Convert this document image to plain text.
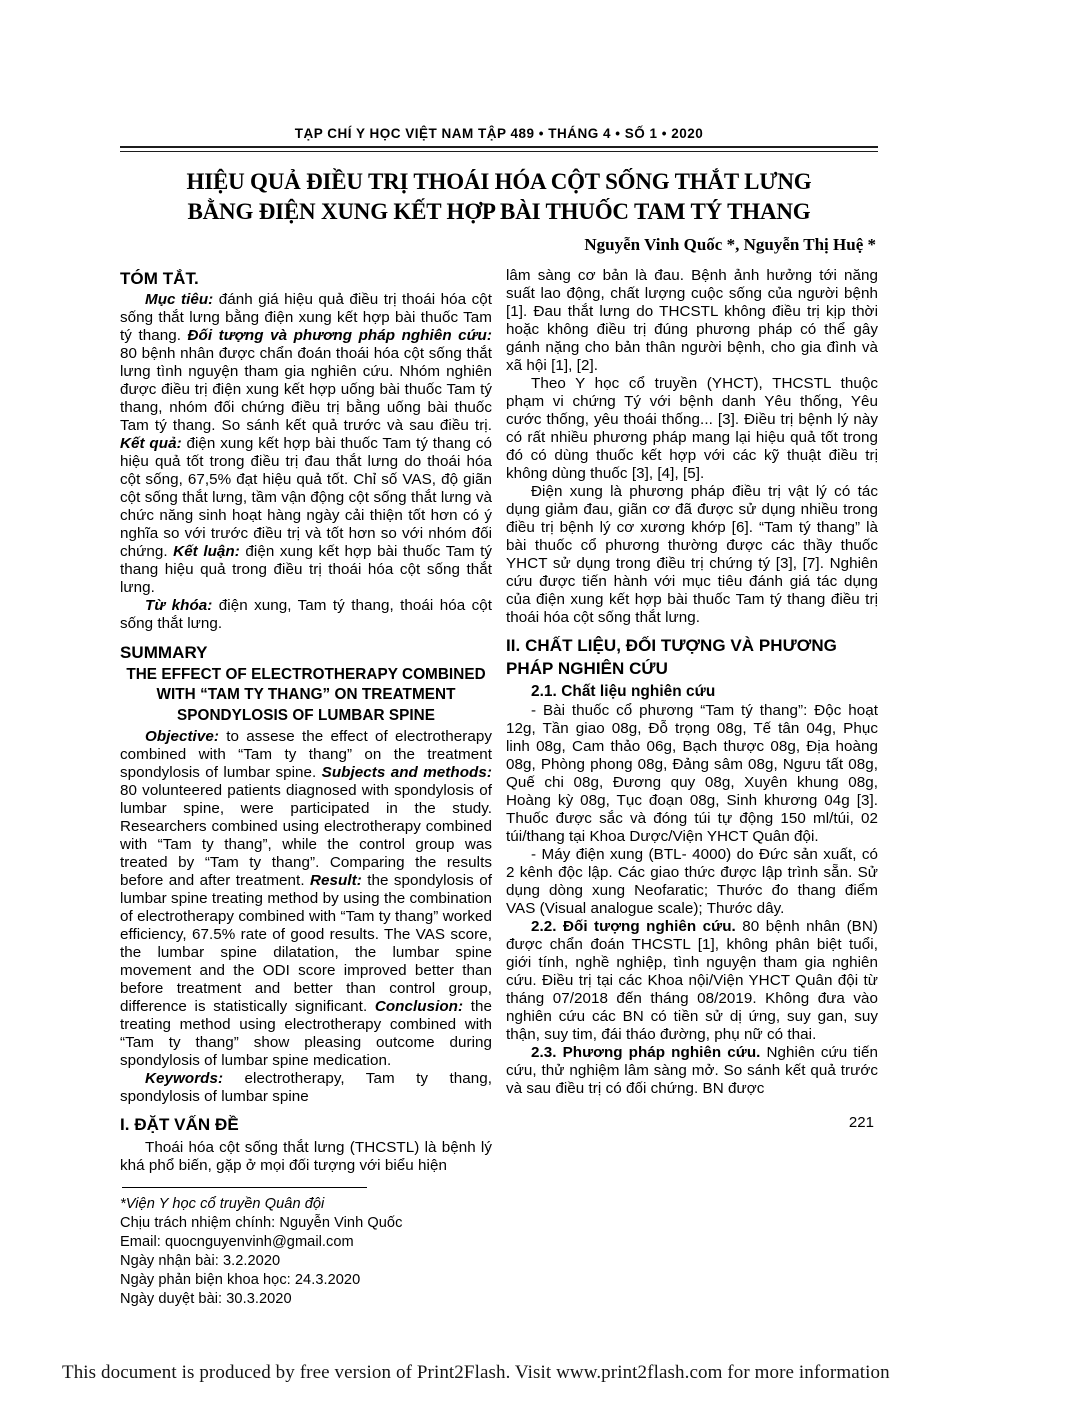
TẠP CHÍ Y HỌC VIỆT NAM TẬP 489 • THÁNG 4 • SỐ 1 • 2020
HIỆU QUẢ ĐIỀU TRỊ THOÁI HÓA CỘT SỐNG THẮT LƯNG
BẰNG ĐIỆN XUNG KẾT HỢP BÀI THUỐC TAM TÝ THANG
Nguyễn Vinh Quốc *, Nguyễn Thị Huệ *
TÓM TẮT.

Mục tiêu: đánh giá hiệu quả điều trị thoái hóa cột sống thắt lưng bằng điện xung kết hợp bài thuốc Tam tý thang. Đối tượng và phương pháp nghiên cứu: 80 bệnh nhân được chẩn đoán thoái hóa cột sống thắt lưng tình nguyện tham gia nghiên cứu. Nhóm nghiên được điều trị điện xung kết hợp uống bài thuốc Tam tý thang, nhóm đối chứng điều trị bằng uống bài thuốc Tam tý thang. So sánh kết quả trước và sau điều trị. Kết quả: điện xung kết hợp bài thuốc Tam tý thang có hiệu quả tốt trong điều trị đau thắt lưng do thoái hóa cột sống, 67,5% đạt hiệu quả tốt. Chỉ số VAS, độ giãn cột sống thắt lưng, tầm vận động cột sống thắt lưng và chức năng sinh hoạt hàng ngày cải thiện tốt hơn có ý nghĩa so với trước điều trị và tốt hơn so với nhóm đối chứng. Kết luận: điện xung kết hợp bài thuốc Tam tý thang hiệu quả trong điều trị thoái hóa cột sống thắt lưng.

Từ khóa: điện xung, Tam tý thang, thoái hóa cột sống thắt lưng.

SUMMARY
THE EFFECT OF ELECTROTHERAPY COMBINED WITH “TAM TY THANG” ON TREATMENT SPONDYLOSIS OF LUMBAR SPINE

Objective: to assese the effect of electrotherapy combined with “Tam ty thang” on the treatment spondylosis of lumbar spine. Subjects and methods: 80 volunteered patients diagnosed with spondylosis of lumbar spine, were participated in the study. Researchers combined using electrotherapy combined with “Tam ty thang”, while the control group was treated by “Tam ty thang”. Comparing the results before and after treatment. Result: the spondylosis of lumbar spine treating method by using the combination of electrotherapy combined with “Tam ty thang” worked efficiency, 67.5% rate of good results. The VAS score, the lumbar spine dilatation, the lumbar spine movement and the ODI score improved better than before treatment and better than control group, difference is statistically significant. Conclusion: the treating method using electrotherapy combined with “Tam ty thang” show pleasing outcome during spondylosis of lumbar spine medication.

Keywords: electrotherapy, Tam ty thang, spondylosis of lumbar spine

I. ĐẶT VẤN ĐỀ

Thoái hóa cột sống thắt lưng (THCSTL) là bệnh lý khá phổ biến, gặp ở mọi đối tượng với biểu hiện

*Viện Y học cổ truyền Quân đội
Chịu trách nhiệm chính: Nguyễn Vinh Quốc
Email: quocnguyenvinh@gmail.com
Ngày nhận bài: 3.2.2020
Ngày phản biện khoa học: 24.3.2020
Ngày duyệt bài: 30.3.2020

lâm sàng cơ bản là đau. Bệnh ảnh hưởng tới năng suất lao động, chất lượng cuộc sống của người bệnh [1]. Đau thắt lưng do THCSTL không điều trị kịp thời hoặc không điều trị đúng phương pháp có thể gây gánh nặng cho bản thân người bệnh, cho gia đình và xã hội [1], [2].

Theo Y học cổ truyền (YHCT), THCSTL thuộc phạm vi chứng Tý với bệnh danh Yêu thống, Yêu cước thống, yêu thoái thống... [3]. Điều trị bệnh lý này có rất nhiều phương pháp mang lại hiệu quả tốt trong đó có dùng thuốc kết hợp với các kỹ thuật điều trị không dùng thuốc [3], [4], [5].

Điện xung là phương pháp điều trị vật lý có tác dụng giảm đau, giãn cơ đã được sử dụng nhiều trong điều trị bệnh lý cơ xương khớp [6]. “Tam tý thang” là bài thuốc cổ phương thường được các thầy thuốc YHCT sử dụng trong điều trị chứng tý [3], [7]. Nghiên cứu được tiến hành với mục tiêu đánh giá tác dụng của điện xung kết hợp bài thuốc Tam tý thang điều trị thoái hóa cột sống thắt lưng.

II. CHẤT LIỆU, ĐỐI TƯỢNG VÀ PHƯƠNG PHÁP NGHIÊN CỨU
2.1. Chất liệu nghiên cứu

- Bài thuốc cổ phương “Tam tý thang”: Độc hoạt 12g, Tần giao 08g, Đỗ trọng 08g, Tế tân 04g, Phục linh 08g, Cam thảo 06g, Bạch thược 08g, Địa hoàng 08g, Phòng phong 08g, Đảng sâm 08g, Ngưu tất 08g, Quế chi 08g, Đương quy 08g, Xuyên khung 08g, Hoàng kỳ 08g, Tục đoạn 08g, Sinh khương 04g [3]. Thuốc được sắc và đóng túi tự động 150 ml/túi, 02 túi/thang tại Khoa Dược/Viện YHCT Quân đội.

- Máy điện xung (BTL- 4000) do Đức sản xuất, có 2 kênh độc lập. Các giao thức được lập trình sẵn. Sử dụng dòng xung Neofaratic; Thước đo thang điểm VAS (Visual analogue scale); Thước dây.

2.2. Đối tượng nghiên cứu. 80 bệnh nhân (BN) được chẩn đoán THCSTL [1], không phân biệt tuổi, giới tính, nghề nghiệp, tình nguyện tham gia nghiên cứu. Điều trị tại các Khoa nội/Viện YHCT Quân đội từ tháng 07/2018 đến tháng 08/2019. Không đưa vào nghiên cứu các BN có tiền sử dị ứng, suy gan, suy thận, suy tim, đái tháo đường, phụ nữ có thai.

2.3. Phương pháp nghiên cứu. Nghiên cứu tiến cứu, thử nghiệm lâm sàng mở. So sánh kết quả trước và sau điều trị có đối chứng. BN được

221
This document is produced by free version of Print2Flash. Visit www.print2flash.com for more information
